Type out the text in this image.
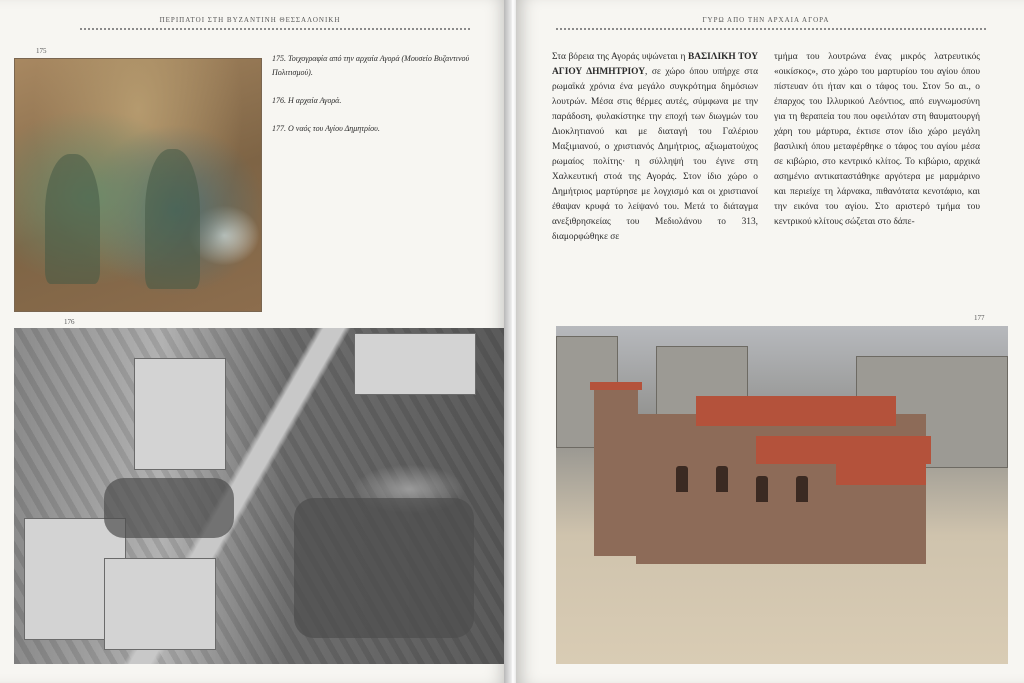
ΠΕΡΙΠΑΤΟΙ ΣΤΗ ΒΥΖΑΝΤΙΝΗ ΘΕΣΣΑΛΟΝΙΚΗ
175

175. Τοιχογραφία από την αρχαία Αγορά (Μουσείο Βυζαντινού Πολιτισμού).

176. Η αρχαία Αγορά.

177. Ο ναός του Αγίου Δημητρίου.

176
ΓΥΡΩ ΑΠΟ ΤΗΝ ΑΡΧΑΙΑ ΑΓΟΡΑ

Στα βόρεια της Αγοράς υψώνεται η ΒΑΣΙΛΙΚΗ ΤΟΥ ΑΓΙΟΥ ΔΗΜΗΤΡΙΟΥ, σε χώρο όπου υπήρχε στα ρωμαϊκά χρόνια ένα μεγάλο συγκρότημα δημόσιων λουτρών. Μέσα στις θέρμες αυτές, σύμφωνα με την παράδοση, φυλακίστηκε την εποχή των διωγμών του Διοκλητιανού και με διαταγή του Γαλέριου Μαξιμιανού, ο χριστιανός Δημήτριος, αξιωματούχος ρωμαίος πολίτης· η σύλληψή του έγινε στη Χαλκευτική στοά της Αγοράς. Στον ίδιο χώρο ο Δημήτριος μαρτύρησε με λογχισμό και οι χριστιανοί έθαψαν κρυφά το λείψανό του. Μετά το διάταγμα ανεξιθρησκείας του Μεδιολάνου το 313, διαμορφώθηκε σε

τμήμα του λουτρώνα ένας μικρός λατρευτικός «οικίσκος», στο χώρο του μαρτυρίου του αγίου όπου πίστευαν ότι ήταν και ο τάφος του. Στον 5ο αι., ο έπαρχος του Ιλλυρικού Λεόντιος, από ευγνωμοσύνη για τη θεραπεία του που οφειλόταν στη θαυματουργή χάρη του μάρτυρα, έκτισε στον ίδιο χώρο μεγάλη βασιλική όπου μεταφέρθηκε ο τάφος του αγίου μέσα σε κιβώριο, στο κεντρικό κλίτος. Το κιβώριο, αρχικά ασημένιο αντικαταστάθηκε αργότερα με μαρμάρινο και περιείχε τη λάρνακα, πιθανότατα κενοτάφιο, και την εικόνα του αγίου. Στο αριστερό τμήμα του κεντρικού κλίτους σώζεται στο δάπε-

177
